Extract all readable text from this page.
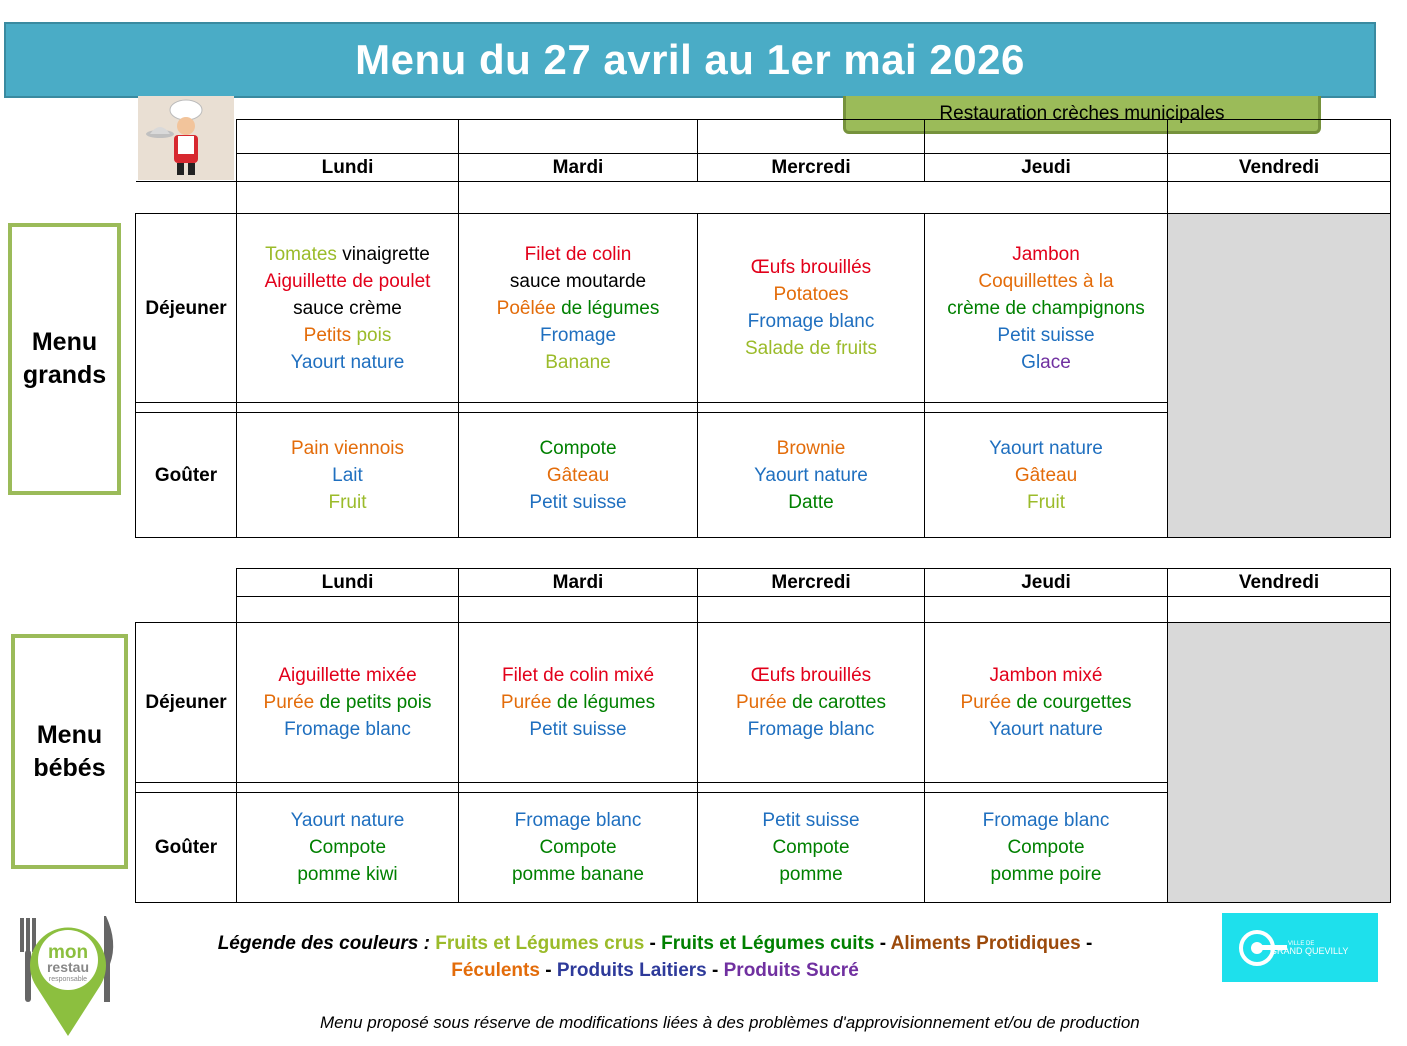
Menu du 27 avril au 1er mai 2026
Restauration crèches municipales
Menu
grands
Menu
bébés

	Lundi	Mardi	Mercredi	Jeudi	Vendredi

Déjeuner	Tomates vinaigrette
Aiguillette de poulet
sauce crème
Petits pois
Yaourt nature	Filet de colin
sauce moutarde
Poêlée de légumes
Fromage
Banane	Œufs brouillés
Potatoes
Fromage blanc
Salade de fruits	Jambon
Coquillettes à la
crème de champignons
Petit suisse
Glace	

Goûter	Pain viennois
Lait
Fruit	Compote
Gâteau
Petit suisse	Brownie
Yaourt nature
Datte	Yaourt nature
Gâteau
Fruit	
	Lundi	Mardi	Mercredi	Jeudi	Vendredi

Déjeuner	Aiguillette mixée
Purée de petits pois
Fromage blanc	Filet de colin mixé
Purée de légumes
Petit suisse	Œufs brouillés
Purée de carottes
Fromage blanc	Jambon mixé
Purée de courgettes
Yaourt nature	

Goûter	Yaourt nature
Compote
pomme kiwi	Fromage blanc
Compote
pomme banane	Petit suisse
Compote
pomme	Fromage blanc
Compote
pomme poire	
mon
restau
responsable
VILLE DE
GRAND QUEVILLY
Légende des couleurs : Fruits et Légumes crus - Fruits et Légumes cuits - Aliments Protidiques -
Féculents - Produits Laitiers - Produits Sucré
Menu proposé sous réserve de modifications liées à des problèmes d'approvisionnement et/ou de production
